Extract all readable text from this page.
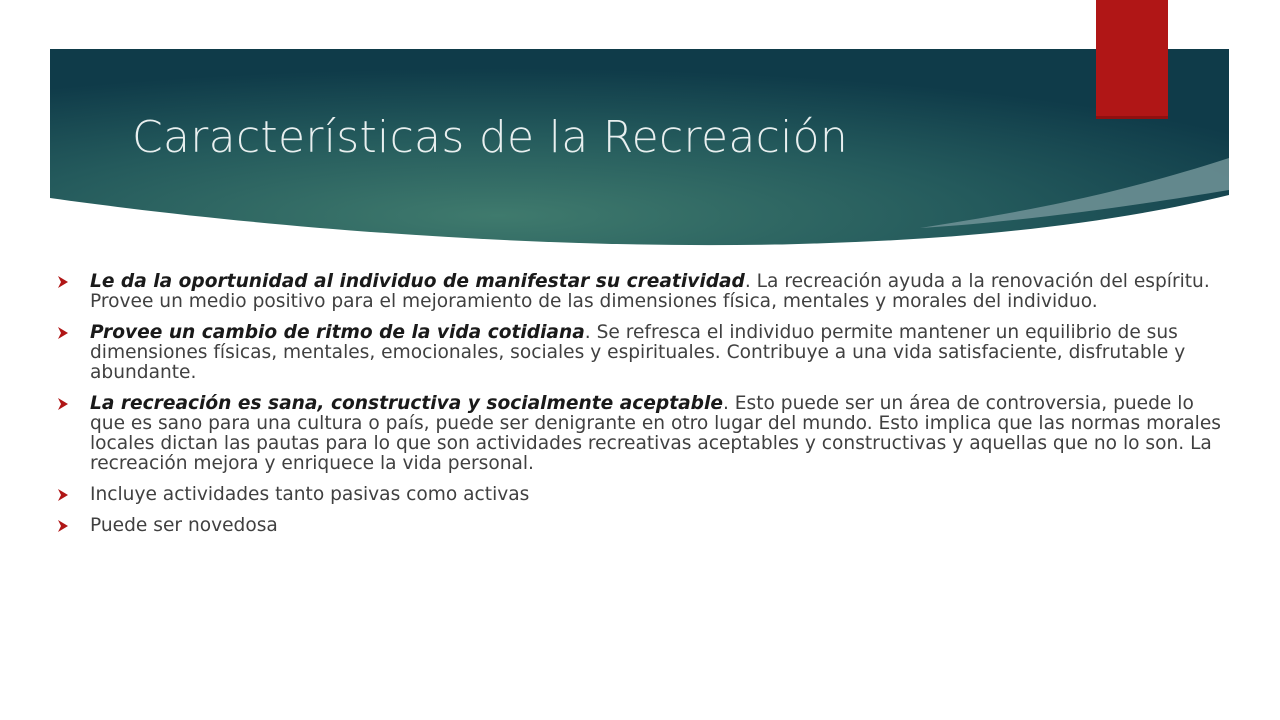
Características de la Recreación
Le da la oportunidad al individuo de manifestar su creatividad. La recreación ayuda a la renovación del espíritu. Provee un medio positivo para el mejoramiento de las dimensiones física, mentales y morales del individuo.
Provee un cambio de ritmo de la vida cotidiana. Se refresca el individuo permite mantener un equilibrio de sus dimensiones físicas, mentales, emocionales, sociales y espirituales. Contribuye a una vida satisfaciente, disfrutable y abundante.
La recreación es sana, constructiva y socialmente aceptable. Esto puede ser un área de controversia, puede lo que es sano para una cultura o país, puede ser denigrante en otro lugar del mundo. Esto implica que las normas morales locales dictan las pautas para lo que son actividades recreativas aceptables y constructivas y aquellas que no lo son. La recreación mejora y enriquece la vida personal.
Incluye actividades tanto pasivas como activas
Puede ser novedosa
